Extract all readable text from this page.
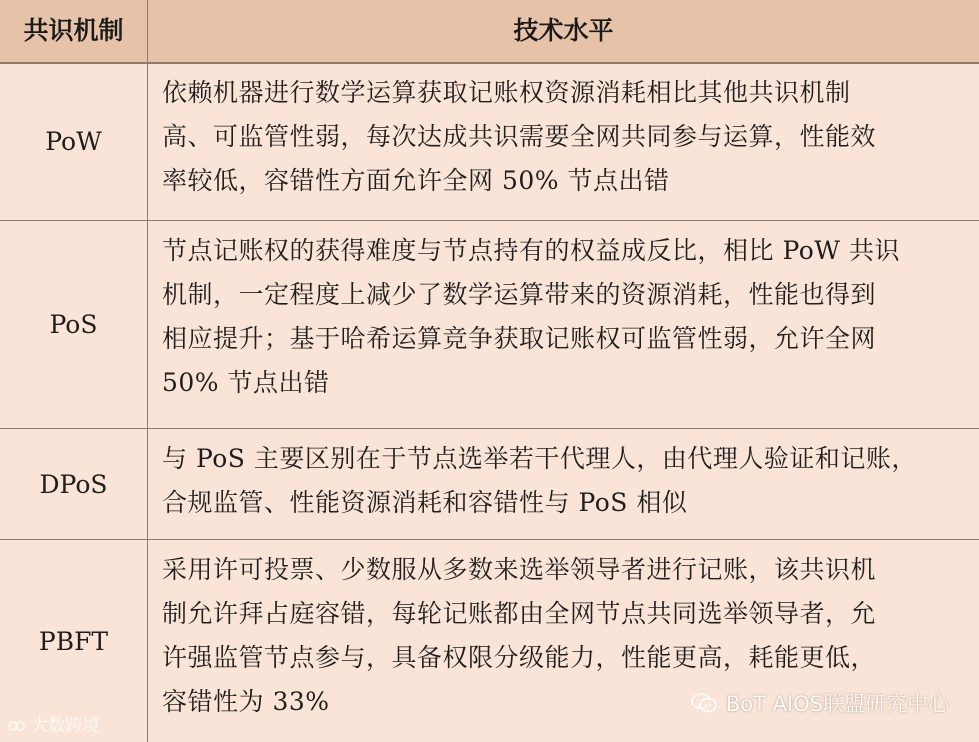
共识机制	技术水平
PoW
依赖机器进行数学运算获取记账权资源消耗相比其他共识机制
高、可监管性弱，每次达成共识需要全网共同参与运算，性能效
率较低，容错性方面允许全网 50% 节点出错
PoS
节点记账权的获得难度与节点持有的权益成反比，相比 PoW 共识
机制，一定程度上减少了数学运算带来的资源消耗，性能也得到
相应提升；基于哈希运算竞争获取记账权可监管性弱，允许全网
50% 节点出错
DPoS
与 PoS 主要区别在于节点选举若干代理人，由代理人验证和记账，
合规监管、性能资源消耗和容错性与 PoS 相似
PBFT
采用许可投票、少数服从多数来选举领导者进行记账，该共识机
制允许拜占庭容错，每轮记账都由全网节点共同选举领导者，允
许强监管节点参与，具备权限分级能力，性能更高，耗能更低，
容错性为 33%
大数跨境
BoT AIOS联盟研究中心
